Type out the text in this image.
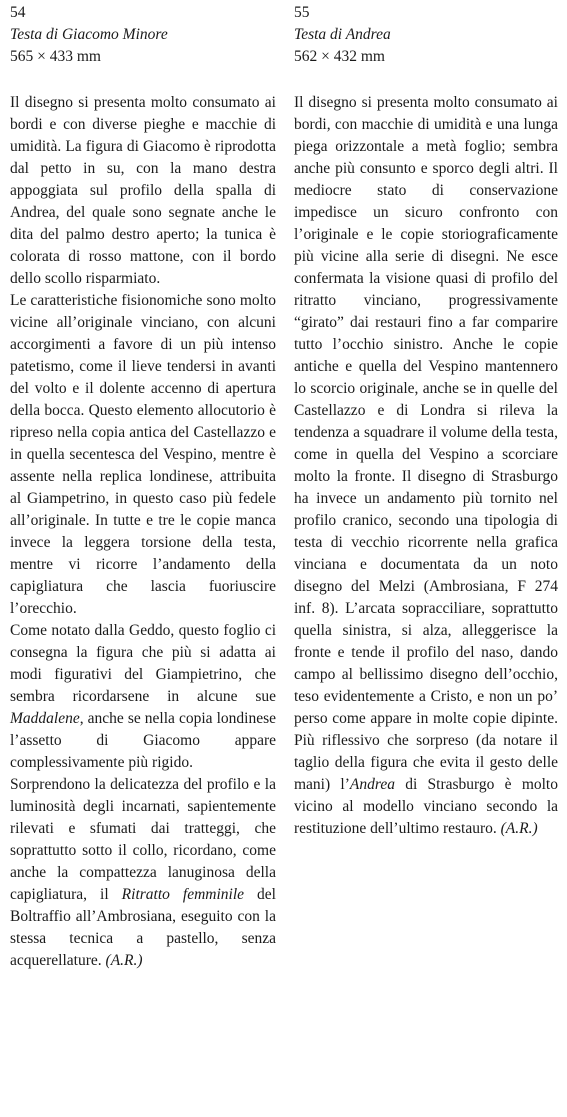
54
Testa di Giacomo Minore
565 × 433 mm

Il disegno si presenta molto consumato ai bordi e con diverse pieghe e macchie di umidità. La figura di Giacomo è riprodotta dal petto in su, con la mano destra appoggiata sul profilo della spalla di Andrea, del quale sono segnate anche le dita del palmo destro aperto; la tunica è colorata di rosso mattone, con il bordo dello scollo risparmiato.

Le caratteristiche fisionomiche sono molto vicine all’originale vinciano, con alcuni accorgimenti a favore di un più intenso patetismo, come il lieve tendersi in avanti del volto e il dolente accenno di apertura della bocca. Questo elemento allocutorio è ripreso nella copia antica del Castellazzo e in quella secentesca del Vespino, mentre è assente nella replica londinese, attribuita al Giampetrino, in questo caso più fedele all’originale. In tutte e tre le copie manca invece la leggera torsione della testa, mentre vi ricorre l’andamento della capigliatura che lascia fuoriuscire l’orecchio.

Come notato dalla Geddo, questo foglio ci consegna la figura che più si adatta ai modi figurativi del Giampietrino, che sembra ricordarsene in alcune sue Maddalene, anche se nella copia londinese l’assetto di Giacomo appare complessivamente più rigido.

Sorprendono la delicatezza del profilo e la luminosità degli incarnati, sapientemente rilevati e sfumati dai tratteggi, che soprattutto sotto il collo, ricordano, come anche la compattezza lanuginosa della capigliatura, il Ritratto femminile del Boltraffio all’Ambrosiana, eseguito con la stessa tecnica a pastello, senza acquerellature. (A.R.)

55
Testa di Andrea
562 × 432 mm

Il disegno si presenta molto consumato ai bordi, con macchie di umidità e una lunga piega orizzontale a metà foglio; sembra anche più consunto e sporco degli altri. Il mediocre stato di conservazione impedisce un sicuro confronto con l’originale e le copie storiograficamente più vicine alla serie di disegni. Ne esce confermata la visione quasi di profilo del ritratto vinciano, progressivamente “girato” dai restauri fino a far comparire tutto l’occhio sinistro. Anche le copie antiche e quella del Vespino mantennero lo scorcio originale, anche se in quelle del Castellazzo e di Londra si rileva la tendenza a squadrare il volume della testa, come in quella del Vespino a scorciare molto la fronte. Il disegno di Strasburgo ha invece un andamento più tornito nel profilo cranico, secondo una tipologia di testa di vecchio ricorrente nella grafica vinciana e documentata da un noto disegno del Melzi (Ambrosiana, F 274 inf. 8). L’arcata sopracciliare, soprattutto quella sinistra, si alza, alleggerisce la fronte e tende il profilo del naso, dando campo al bellissimo disegno dell’occhio, teso evidentemente a Cristo, e non un po’ perso come appare in molte copie dipinte. Più riflessivo che sorpreso (da notare il taglio della figura che evita il gesto delle mani) l’Andrea di Strasburgo è molto vicino al modello vinciano secondo la restituzione dell’ultimo restauro. (A.R.)
